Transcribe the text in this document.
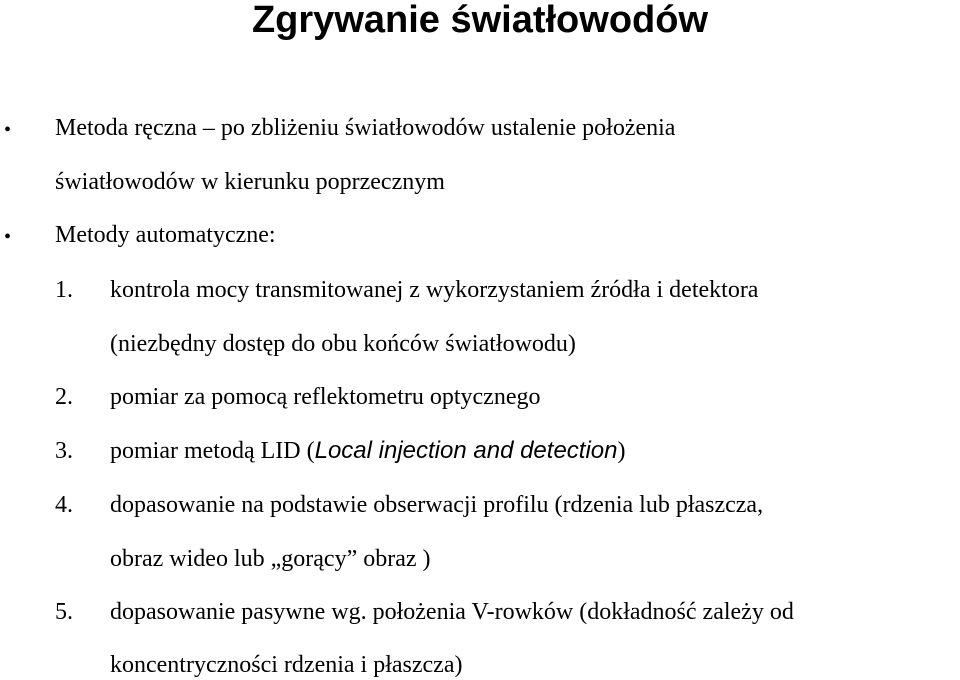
Zgrywanie światłowodów
• Metoda ręczna – po zbliżeniu światłowodów ustalenie położenia
światłowodów w kierunku poprzecznym
• Metody automatyczne:
1. kontrola mocy transmitowanej z wykorzystaniem źródła i detektora
(niezbędny dostęp do obu końców światłowodu)
2. pomiar za pomocą reflektometru optycznego
3. pomiar metodą LID (Local injection and detection)
4. dopasowanie na podstawie obserwacji profilu (rdzenia lub płaszcza,
obraz wideo lub „gorący” obraz )
5. dopasowanie pasywne wg. położenia V-rowków (dokładność zależy od
koncentryczności rdzenia i płaszcza)
